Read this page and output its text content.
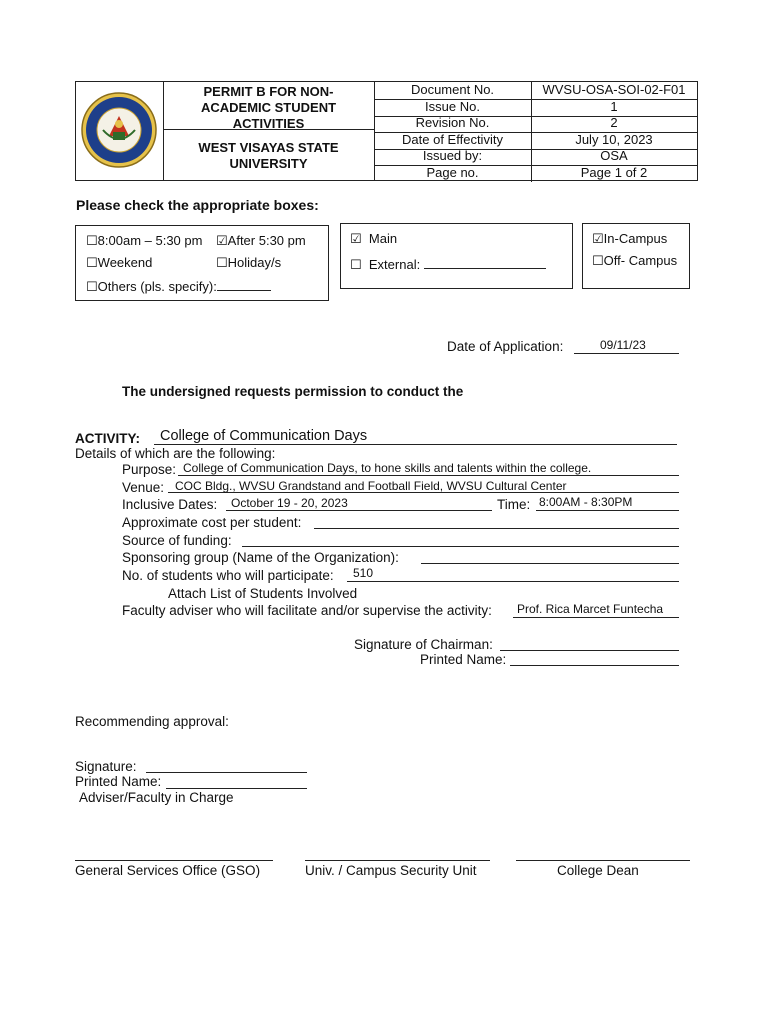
PERMIT B FOR NON-
ACADEMIC STUDENT
ACTIVITIES
WEST VISAYAS STATE
UNIVERSITY
Document No.	WVSU-OSA-SOI-02-F01
Issue No.	1
Revision No.	2
Date of Effectivity	July 10, 2023
Issued by:	OSA
Page no.	Page 1 of 2
Please check the appropriate boxes:
☐8:00am – 5:30 pm ☑After 5:30 pm
☐Weekend	☐Holiday/s
☐Others (pls. specify):
☑ Main
☐ External:
☑In-Campus
☐Off- Campus
Date of Application:	09/11/23
The undersigned requests permission to conduct the
ACTIVITY: College of Communication Days
Details of which are the following:
Purpose: College of Communication Days, to hone skills and talents within the college.
Venue: COC Bldg., WVSU Grandstand and Football Field, WVSU Cultural Center
Inclusive Dates: October 19 - 20, 2023	Time: 8:00AM - 8:30PM
Approximate cost per student:
Source of funding:
Sponsoring group (Name of the Organization):
No. of students who will participate: 510
Attach List of Students Involved
Faculty adviser who will facilitate and/or supervise the activity: Prof. Rica Marcet Funtecha
Signature of Chairman:
Printed Name:
Recommending approval:
Signature:
Printed Name:
Adviser/Faculty in Charge
General Services Office (GSO)	Univ. / Campus Security Unit	College Dean
